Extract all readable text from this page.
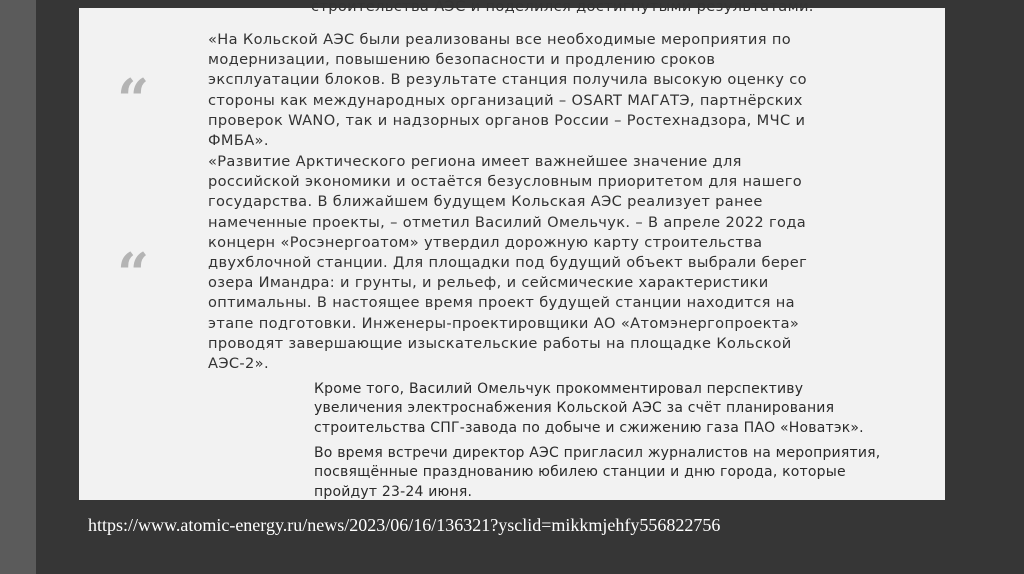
строительства АЭС и поделился достигнутыми результатами.
“
«На Кольской АЭС были реализованы все необходимые мероприятия по
модернизации, повышению безопасности и продлению сроков
эксплуатации блоков. В результате станция получила высокую оценку со
стороны как международных организаций – OSART МАГАТЭ, партнёрских
проверок WANO, так и надзорных органов России – Ростехнадзора, МЧС и
ФМБА».
“
«Развитие Арктического региона имеет важнейшее значение для
российской экономики и остаётся безусловным приоритетом для нашего
государства. В ближайшем будущем Кольская АЭС реализует ранее
намеченные проекты, – отметил Василий Омельчук. – В апреле 2022 года
концерн «Росэнергоатом» утвердил дорожную карту строительства
двухблочной станции. Для площадки под будущий объект выбрали берег
озера Имандра: и грунты, и рельеф, и сейсмические характеристики
оптимальны. В настоящее время проект будущей станции находится на
этапе подготовки. Инженеры-проектировщики АО «Атомэнергопроекта»
проводят завершающие изыскательские работы на площадке Кольской
АЭС-2».
Кроме того, Василий Омельчук прокомментировал перспективу
увеличения электроснабжения Кольской АЭС за счёт планирования
строительства СПГ-завода по добыче и сжижению газа ПАО «Новатэк».
Во время встречи директор АЭС пригласил журналистов на мероприятия,
посвящённые празднованию юбилею станции и дню города, которые
пройдут 23-24 июня.
https://www.atomic-energy.ru/news/2023/06/16/136321?ysclid=mikkmjehfy556822756
